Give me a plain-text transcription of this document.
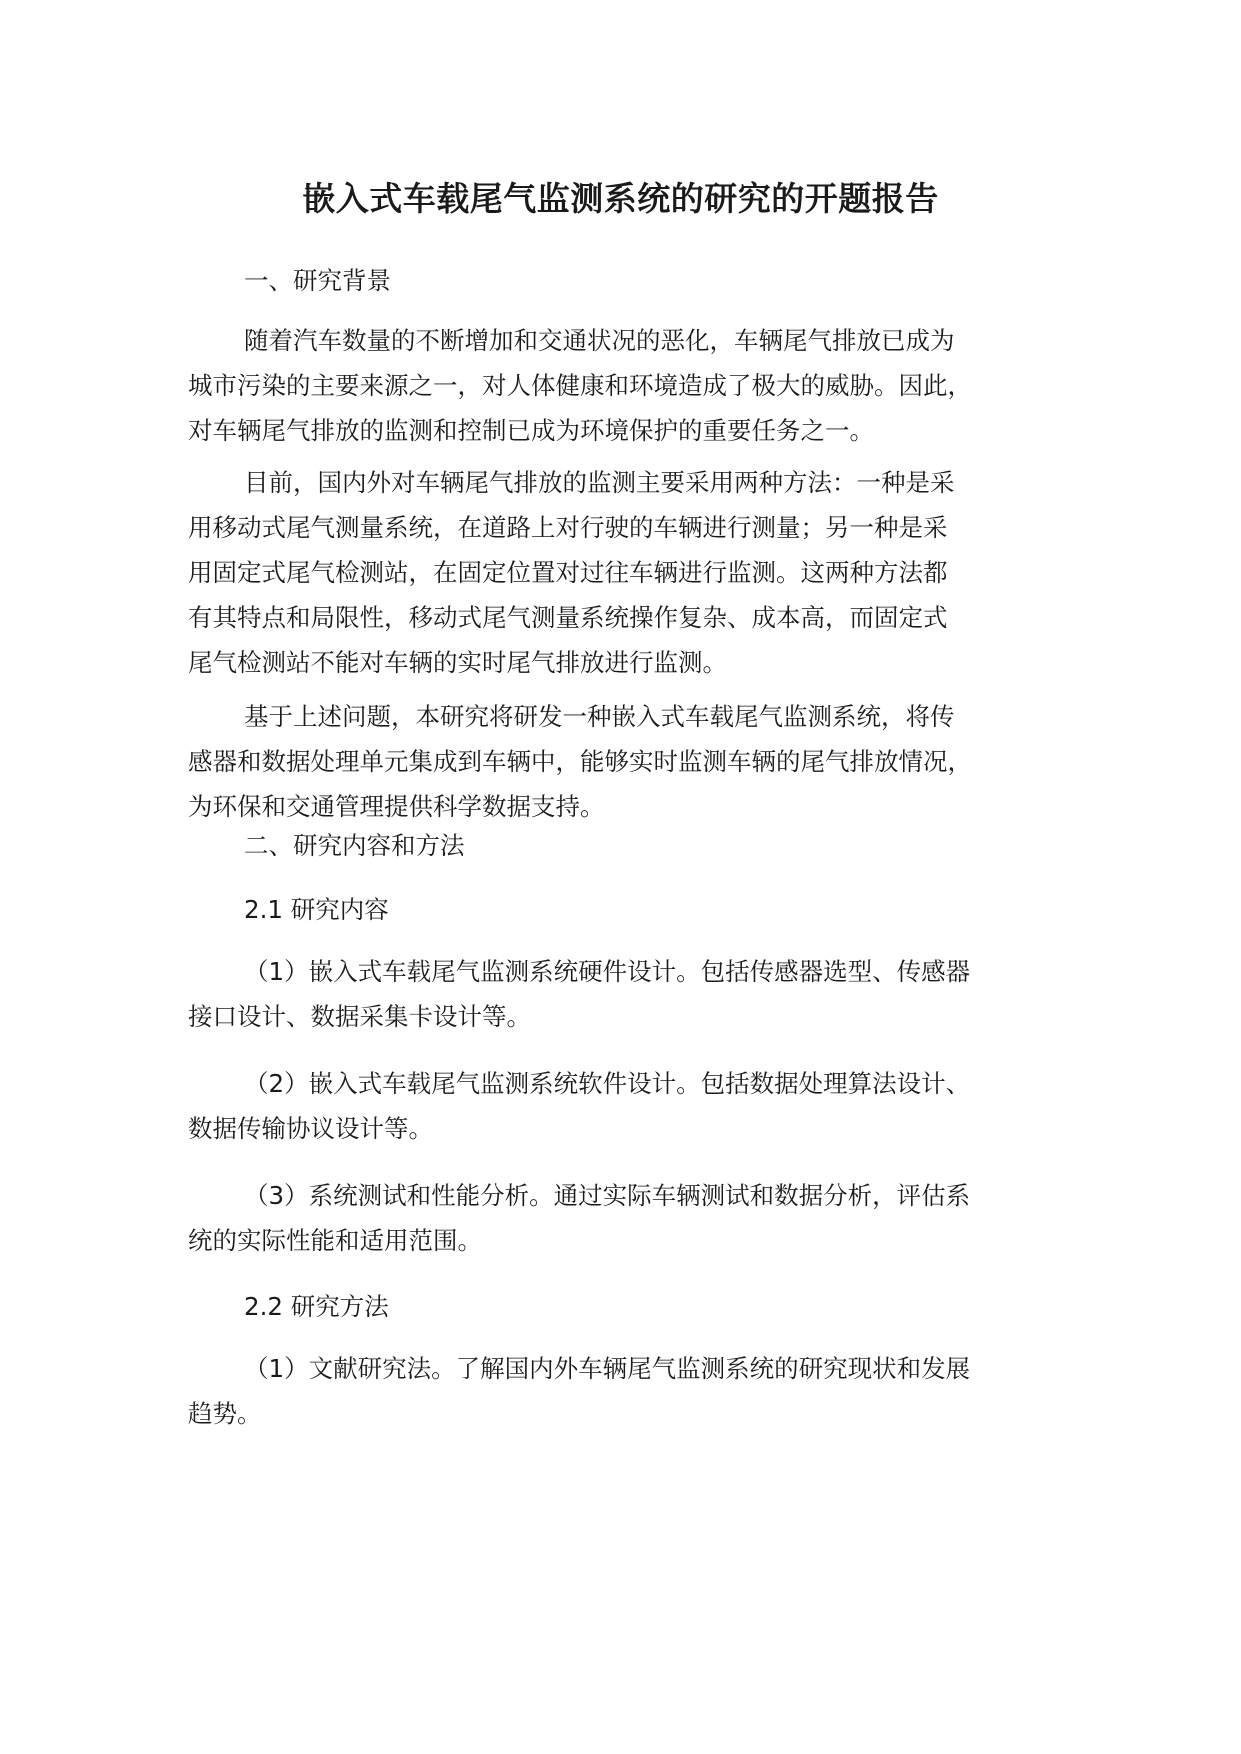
嵌入式车载尾气监测系统的研究的开题报告

一、研究背景

随着汽车数量的不断增加和交通状况的恶化，车辆尾气排放已成为
城市污染的主要来源之一，对人体健康和环境造成了极大的威胁。因此，
对车辆尾气排放的监测和控制已成为环境保护的重要任务之一。

目前，国内外对车辆尾气排放的监测主要采用两种方法：一种是采
用移动式尾气测量系统，在道路上对行驶的车辆进行测量；另一种是采
用固定式尾气检测站，在固定位置对过往车辆进行监测。这两种方法都
有其特点和局限性，移动式尾气测量系统操作复杂、成本高，而固定式
尾气检测站不能对车辆的实时尾气排放进行监测。

基于上述问题，本研究将研发一种嵌入式车载尾气监测系统，将传
感器和数据处理单元集成到车辆中，能够实时监测车辆的尾气排放情况，
为环保和交通管理提供科学数据支持。

二、研究内容和方法

2.1 研究内容

（1）嵌入式车载尾气监测系统硬件设计。包括传感器选型、传感器
接口设计、数据采集卡设计等。

（2）嵌入式车载尾气监测系统软件设计。包括数据处理算法设计、
数据传输协议设计等。

（3）系统测试和性能分析。通过实际车辆测试和数据分析，评估系
统的实际性能和适用范围。

2.2 研究方法

（1）文献研究法。了解国内外车辆尾气监测系统的研究现状和发展
趋势。
